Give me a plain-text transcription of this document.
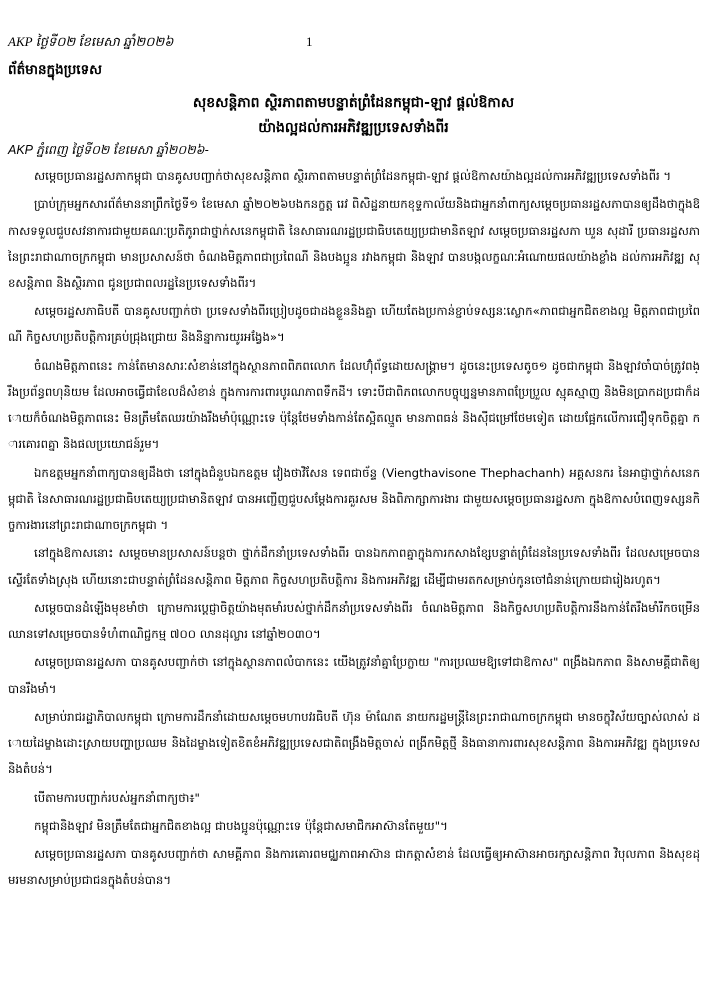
AKP ថ្ងៃទី០២ ខែមេសា ឆ្នាំ២០២៦	1
ព័ត៌មានក្នុងប្រទេស
សុខសន្តិភាព ស្ថិរភាពតាមបន្ទាត់ព្រំដែនកម្ពុជា-ឡាវ ផ្ដល់ឱកាស
យ៉ាងល្អដល់ការអភិវឌ្ឍប្រទេសទាំងពីរ
AKP ភ្នំពេញ ថ្ងៃទី០២ ខែមេសា ឆ្នាំ២០២៦-

សម្ដេចប្រធានរដ្ឋសភាកម្ពុជា បានគូសបញ្ជាក់ថាសុខសន្តិភាព ស្ថិរភាពតាមបន្ទាត់ព្រំដែនកម្ពុជា-ឡាវ ផ្ដល់ឱកាសយ៉ាងល្អដល់ការអភិវឌ្ឍប្រទេសទាំងពីរ ។

ប្រាប់ក្រុមអ្នកសារព័ត៌មាននាព្រឹកថ្ងៃទី១ ខែមេសា ឆ្នាំ២០២៦បងកនក្ខត្ត រេវ ពិសិដ្ឋនាយកខុទ្ទកាល័យនិងជាអ្នកនាំពាក្យសម្ដេចប្រធានរដ្ឋសភាបានឲ្យដឹងថាក្នុងឱកាសទទួលជួបសវនាការជាមួយគណៈប្រតិភូរាជាថ្នាក់សនេកម្ពុជាតិ នៃសាធារណរដ្ឋប្រជាធិបតេយ្យប្រជាមានិតឡាវ សម្ដេចប្រធានរដ្ឋសភា ឃួន សុដារី ប្រធានរដ្ឋសភា នៃព្រះរាជាណាចក្រកម្ពុជា មានប្រសាសន៍ថា ចំណងមិត្តភាពជាប្រពៃណី និងបងប្អូន រវាងកម្ពុជា និងឡាវ បានបង្កលក្ខណៈអំណោយផលយ៉ាងខ្លាំង ដល់ការអភិវឌ្ឍ សុខសន្តិភាព និងស្ថិរភាព ជូនប្រជាពលរដ្ឋនៃប្រទេសទាំងពីរ។

សម្ដេចរដ្ឋសភាធិបតី បានគូសបញ្ជាក់ថា ប្រទេសទាំងពីរប្រៀបដូចជាដងខ្លួននិងគ្នា ហើយតែងប្រកាន់ខ្ជាប់ទស្សនៈស្លោក«ភាពជាអ្នកជិតខាងល្អ មិត្តភាពជាប្រពៃណី កិច្ចសហប្រតិបត្តិការគ្រប់ជ្រុងជ្រោយ និងនិន្នាការយូរអង្វែង»។

ចំណងមិត្តភាពនេះ កាន់តែមានសារៈសំខាន់នៅក្នុងស្ថានភាពពិភពលោក ដែលហ៊ុំព័ទ្ធដោយសង្គ្រាម។ ដូចនេះប្រទេសតូច១ ដូចជាកម្ពុជា និងឡាវចាំបាច់ត្រូវពង្រឹងប្រព័ន្ធពហុនិយម ដែលអាចធ្វើជាខែលដ៏សំខាន់ ក្នុងការការពារបូរណភាពទឹកដី។ ទោះបីជាពិភពលោកបច្ចុប្បន្នមានភាពប្រែប្រួល ស្មុគស្មាញ និងមិនប្រាកដប្រជាក៏ដោយក៏ចំណងមិត្តភាពនេះ មិនត្រឹមតែឈរយ៉ាងរឹងមាំប៉ុណ្ណោះទេ ប៉ុន្តែថែមទាំងកាន់តែស្អិតល្មួត មានភាពធន់ និងស៊ីជម្រៅថែមទៀត ដោយផ្អែកលើការជឿទុកចិត្តគ្នា ការគោរពគ្នា និងផលប្រយោជន៍រួម។

ឯកឧត្តមអ្នកនាំពាក្យបានឲ្យដឹងថា នៅក្នុងជំនួបឯកឧត្តម វៀងថាវិសែន ទេពជាច័ន្ទ (Viengthavisone Thephachanh) អគ្គសនករ នៃអាជ្ញាថ្នាក់សនេកម្ពុជាតិ នៃសាធារណរដ្ឋប្រជាធិបតេយ្យប្រជាមានិតឡាវ បានអញ្ជើញជួបសម្ដែងការគួរសម និងពិភាក្សាការងារ ជាមួយសម្ដេចប្រធានរដ្ឋសភា ក្នុងឱកាសបំពេញទស្សនកិច្ចការងារនៅព្រះរាជាណាចក្រកម្ពុជា ។

នៅក្នុងឱកាសនោះ សម្ដេចមានប្រសាសន៍បន្តថា ថ្នាក់ដឹកនាំប្រទេសទាំងពីរ បានឯកភាពគ្នាក្នុងការកសាងខ្សែបន្ទាត់ព្រំដែននៃប្រទេសទាំងពីរ ដែលសម្រេចបានស្ទើរតែទាំងស្រុង ហើយនោះជាបន្ទាត់ព្រំដែនសន្តិភាព មិត្តភាព កិច្ចសហប្រតិបត្តិការ និងការអភិវឌ្ឍ ដើម្បីជាមរតកសម្រាប់កូនចៅជំនាន់ក្រោយជារៀងរហូត។

សម្ដេចបានដំឡើងមុខមាំថា ក្រោមការប្ដេជ្ញាចិត្តយ៉ាងមុតមាំរបស់ថ្នាក់ដឹកនាំប្រទេសទាំងពីរ ចំណងមិត្តភាព និងកិច្ចសហប្រតិបត្តិការនឹងកាន់តែរឹងមាំរីកចម្រើន ឈានទៅសម្រេចបានទំហំពាណិជ្ជកម្ម ៧០០ លានដុល្លារ នៅឆ្នាំ២០៣០។

សម្ដេចប្រធានរដ្ឋសភា បានគូសបញ្ជាក់ថា នៅក្នុងស្ថានភាពលំបាកនេះ យើងត្រូវនាំគ្នាប្រែក្លាយ "ការប្រឈមឱ្យទៅជាឱកាស" ពង្រឹងឯកភាព និងសាមគ្គីជាតិឲ្យបានរឹងមាំ។

សម្រាប់រាជរដ្ឋាភិបាលកម្ពុជា ក្រោមការដឹកនាំដោយសម្ដេចមហាបវរធិបតី ហ៊ុន ម៉ាណែត នាយករដ្ឋមន្ត្រីនៃព្រះរាជាណាចក្រកម្ពុជា មានចក្ខុវិស័យច្បាស់លាស់ ដោយដៃម្ខាងដោះស្រាយបញ្ហាប្រឈម និងដៃម្ខាងទៀតខិតខំអភិវឌ្ឍប្រទេសជាតិពង្រឹងមិត្តចាស់ ពង្រីកមិត្តថ្មី និងធានាការពារសុខសន្តិភាព និងការអភិវឌ្ឍ ក្នុងប្រទេស និងតំបន់។

បើតាមការបញ្ជាក់របស់អ្នកនាំពាក្យថា៖"

កម្ពុជានិងឡាវ មិនត្រឹមតែជាអ្នកជិតខាងល្អ ជាបងប្អូនប៉ុណ្ណោះទេ ប៉ុន្តែជាសមាជិកអាស៊ានតែមួយ"។

សម្ដេចប្រធានរដ្ឋសភា បានគូសបញ្ជាក់ថា សាមគ្គីភាព និងការគោរពមជ្ឈភាពអាស៊ាន ជាកត្តាសំខាន់ ដែលធ្វើឲ្យអាស៊ានអាចរក្សាសន្តិភាព វិបុលភាព និងសុខដុមរមនាសម្រាប់ប្រជាជនក្នុងតំបន់បាន។
